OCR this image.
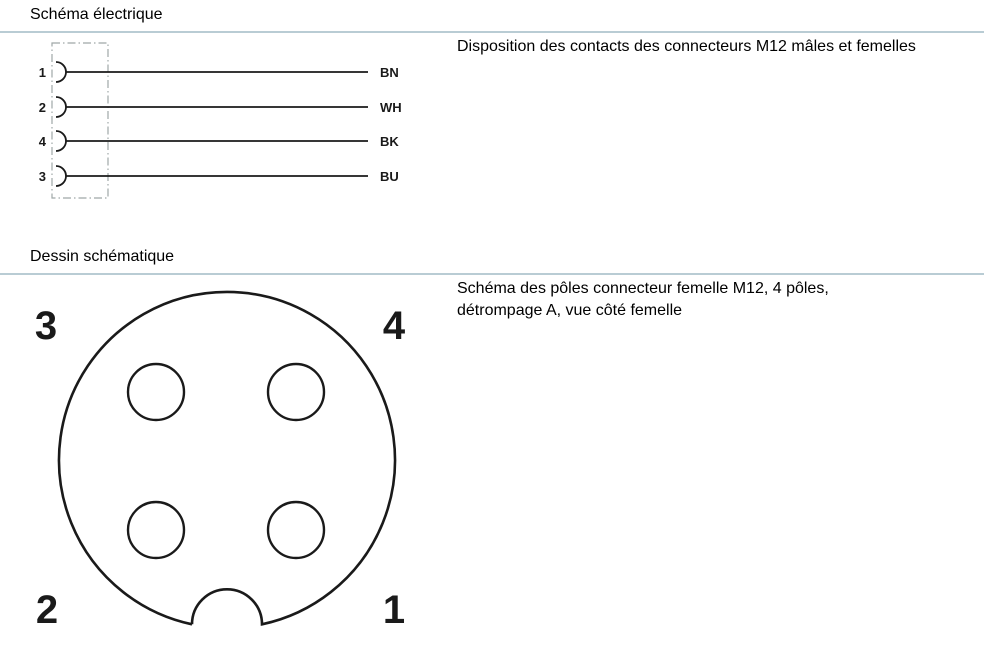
Schéma électrique
1	BN
2	WH
4	BK
3	BU
Disposition des contacts des connecteurs M12 mâles et femelles
Dessin schématique
3	4
2	1
Schéma des pôles connecteur femelle M12, 4 pôles,
détrompage A, vue côté femelle
